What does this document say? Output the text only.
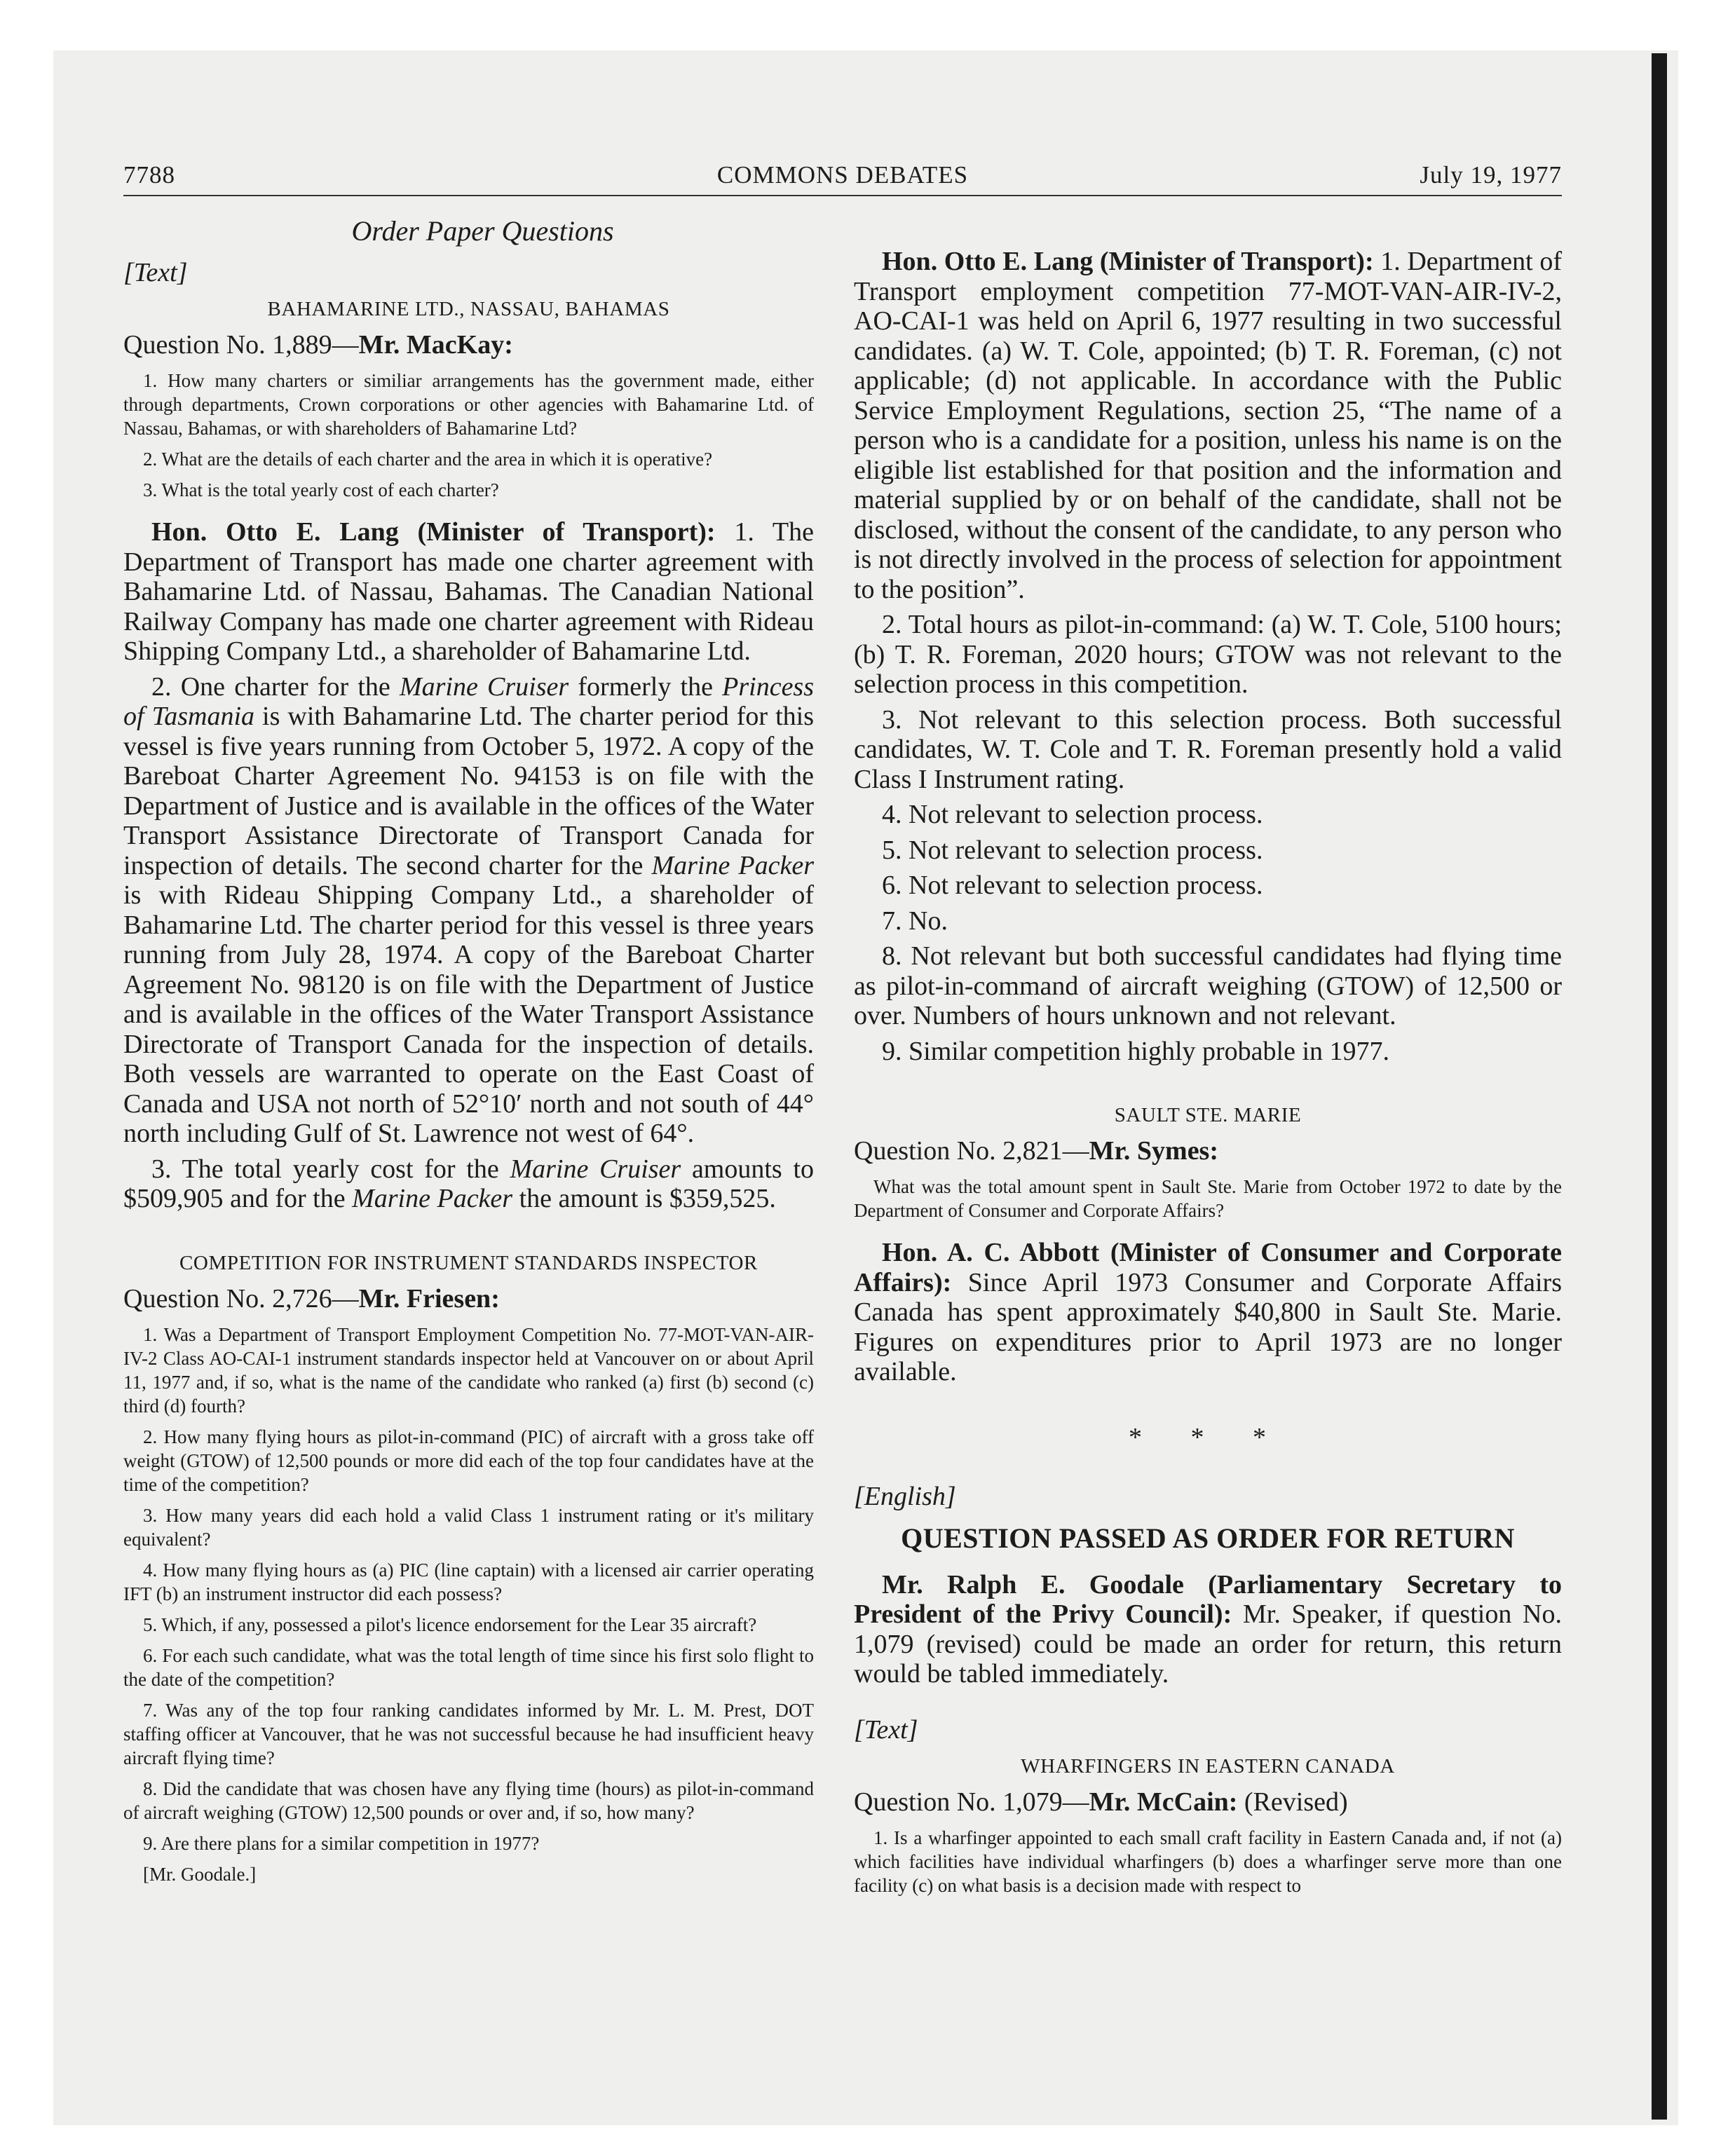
7788	COMMONS DEBATES	July 19, 1977
Order Paper Questions
[Text]
BAHAMARINE LTD., NASSAU, BAHAMAS
Question No. 1,889—Mr. MacKay:

1. How many charters or similiar arrangements has the government made, either through departments, Crown corporations or other agencies with Bahamarine Ltd. of Nassau, Bahamas, or with shareholders of Bahamarine Ltd?

2. What are the details of each charter and the area in which it is operative?

3. What is the total yearly cost of each charter?

Hon. Otto E. Lang (Minister of Transport): 1. The Department of Transport has made one charter agreement with Bahamarine Ltd. of Nassau, Bahamas. The Canadian National Railway Company has made one charter agreement with Rideau Shipping Company Ltd., a shareholder of Bahamarine Ltd.

2. One charter for the Marine Cruiser formerly the Princess of Tasmania is with Bahamarine Ltd. The charter period for this vessel is five years running from October 5, 1972. A copy of the Bareboat Charter Agreement No. 94153 is on file with the Department of Justice and is available in the offices of the Water Transport Assistance Directorate of Transport Canada for inspection of details. The second charter for the Marine Packer is with Rideau Shipping Company Ltd., a shareholder of Bahamarine Ltd. The charter period for this vessel is three years running from July 28, 1974. A copy of the Bareboat Charter Agreement No. 98120 is on file with the Department of Justice and is available in the offices of the Water Transport Assistance Directorate of Transport Canada for the inspection of details. Both vessels are warranted to operate on the East Coast of Canada and USA not north of 52°10′ north and not south of 44° north including Gulf of St. Lawrence not west of 64°.

3. The total yearly cost for the Marine Cruiser amounts to $509,905 and for the Marine Packer the amount is $359,525.

COMPETITION FOR INSTRUMENT STANDARDS INSPECTOR
Question No. 2,726—Mr. Friesen:

1. Was a Department of Transport Employment Competition No. 77-MOT-VAN-AIR-IV-2 Class AO-CAI-1 instrument standards inspector held at Vancouver on or about April 11, 1977 and, if so, what is the name of the candidate who ranked (a) first (b) second (c) third (d) fourth?

2. How many flying hours as pilot-in-command (PIC) of aircraft with a gross take off weight (GTOW) of 12,500 pounds or more did each of the top four candidates have at the time of the competition?

3. How many years did each hold a valid Class 1 instrument rating or it's military equivalent?

4. How many flying hours as (a) PIC (line captain) with a licensed air carrier operating IFT (b) an instrument instructor did each possess?

5. Which, if any, possessed a pilot's licence endorsement for the Lear 35 aircraft?

6. For each such candidate, what was the total length of time since his first solo flight to the date of the competition?

7. Was any of the top four ranking candidates informed by Mr. L. M. Prest, DOT staffing officer at Vancouver, that he was not successful because he had insufficient heavy aircraft flying time?

8. Did the candidate that was chosen have any flying time (hours) as pilot-in-command of aircraft weighing (GTOW) 12,500 pounds or over and, if so, how many?

9. Are there plans for a similar competition in 1977?

[Mr. Goodale.]

Hon. Otto E. Lang (Minister of Transport): 1. Department of Transport employment competition 77-MOT-VAN-AIR-IV-2, AO-CAI-1 was held on April 6, 1977 resulting in two successful candidates. (a) W. T. Cole, appointed; (b) T. R. Foreman, (c) not applicable; (d) not applicable. In accordance with the Public Service Employment Regulations, section 25, “The name of a person who is a candidate for a position, unless his name is on the eligible list established for that position and the information and material supplied by or on behalf of the candidate, shall not be disclosed, without the consent of the candidate, to any person who is not directly involved in the process of selection for appointment to the position”.

2. Total hours as pilot-in-command: (a) W. T. Cole, 5100 hours; (b) T. R. Foreman, 2020 hours; GTOW was not relevant to the selection process in this competition.

3. Not relevant to this selection process. Both successful candidates, W. T. Cole and T. R. Foreman presently hold a valid Class I Instrument rating.

4. Not relevant to selection process.

5. Not relevant to selection process.

6. Not relevant to selection process.

7. No.

8. Not relevant but both successful candidates had flying time as pilot-in-command of aircraft weighing (GTOW) of 12,500 or over. Numbers of hours unknown and not relevant.

9. Similar competition highly probable in 1977.

SAULT STE. MARIE
Question No. 2,821—Mr. Symes:

What was the total amount spent in Sault Ste. Marie from October 1972 to date by the Department of Consumer and Corporate Affairs?

Hon. A. C. Abbott (Minister of Consumer and Corporate Affairs): Since April 1973 Consumer and Corporate Affairs Canada has spent approximately $40,800 in Sault Ste. Marie. Figures on expenditures prior to April 1973 are no longer available.

* * *
[English]
QUESTION PASSED AS ORDER FOR RETURN

Mr. Ralph E. Goodale (Parliamentary Secretary to President of the Privy Council): Mr. Speaker, if question No. 1,079 (revised) could be made an order for return, this return would be tabled immediately.

[Text]
WHARFINGERS IN EASTERN CANADA
Question No. 1,079—Mr. McCain: (Revised)

1. Is a wharfinger appointed to each small craft facility in Eastern Canada and, if not (a) which facilities have individual wharfingers (b) does a wharfinger serve more than one facility (c) on what basis is a decision made with respect to
